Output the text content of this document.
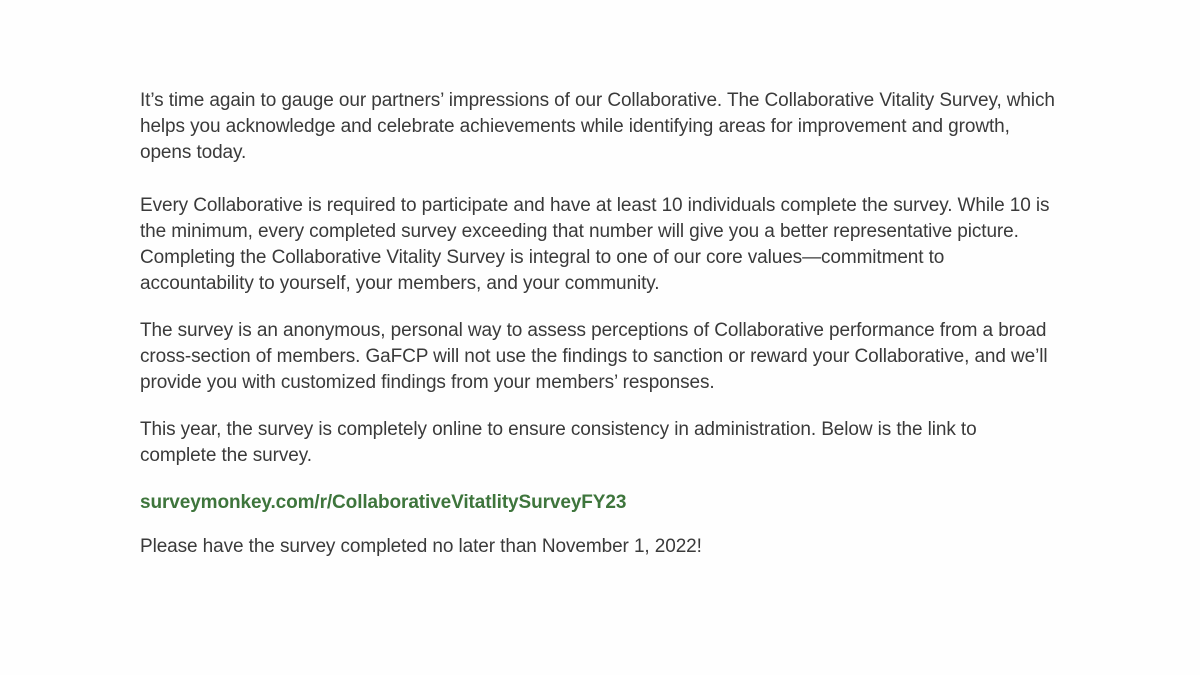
It’s time again to gauge our partners’ impressions of our Collaborative. The Collaborative Vitality Survey, which helps you acknowledge and celebrate achievements while identifying areas for improvement and growth, opens today.

Every Collaborative is required to participate and have at least 10 individuals complete the survey. While 10 is the minimum, every completed survey exceeding that number will give you a better representative picture. Completing the Collaborative Vitality Survey is integral to one of our core values—commitment to accountability to yourself, your members, and your community.

The survey is an anonymous, personal way to assess perceptions of Collaborative performance from a broad cross-section of members. GaFCP will not use the findings to sanction or reward your Collaborative, and we’ll provide you with customized findings from your members’ responses.

This year, the survey is completely online to ensure consistency in administration. Below is the link to complete the survey.

surveymonkey.com/r/CollaborativeVitatlitySurveyFY23

Please have the survey completed no later than November 1, 2022!
